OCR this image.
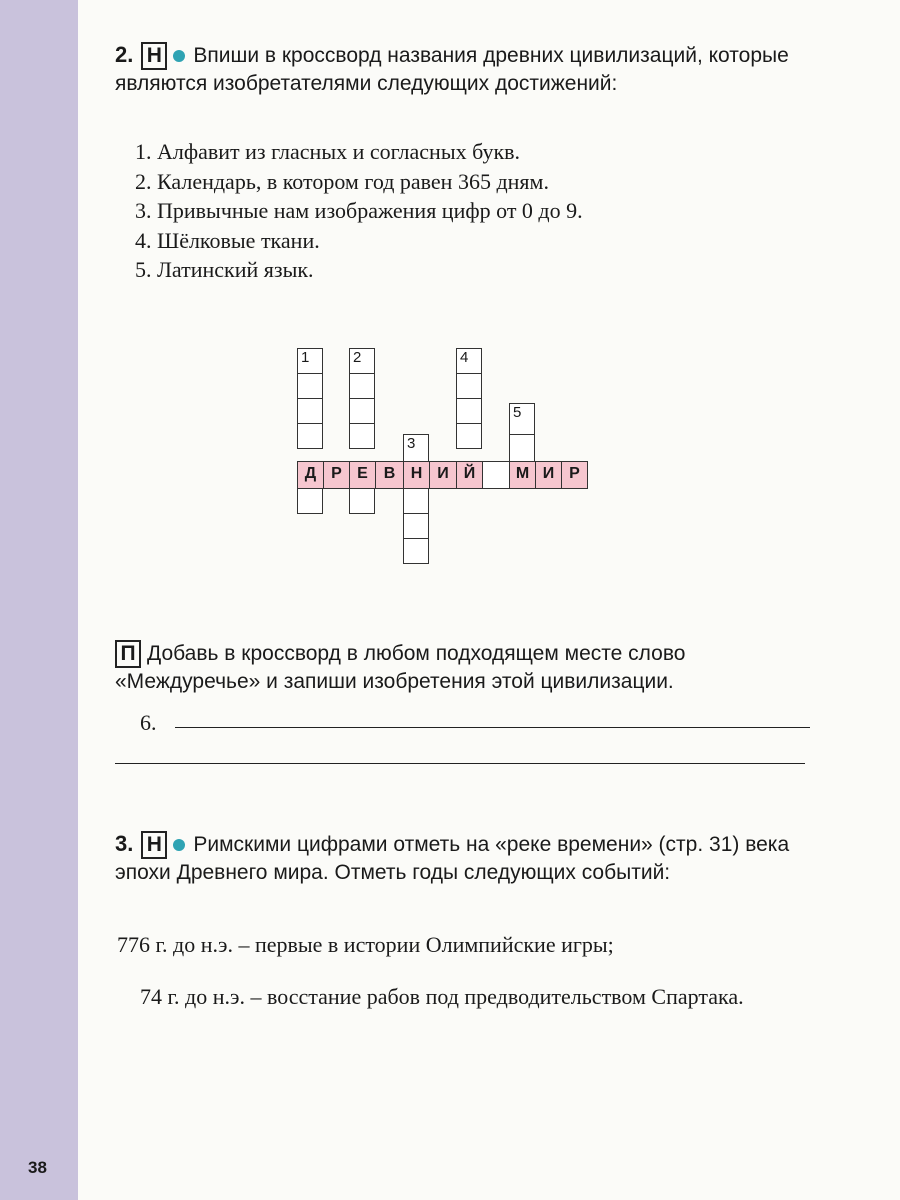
2. Н Впиши в кроссворд названия древних цивилизаций, которые являются изобретателями следующих достижений:
1. Алфавит из гласных и согласных букв.
2. Календарь, в котором год равен 365 дням.
3. Привычные нам изображения цифр от 0 до 9.
4. Шёлковые ткани.
5. Латинский язык.
1	2
3
4
5
Д Р Е В Н И Й	М И Р
П Добавь в кроссворд в любом подходящем месте слово «Междуречье» и запиши изобретения этой цивилизации.
6.
3. Н Римскими цифрами отметь на «реке времени» (стр. 31) века эпохи Древнего мира. Отметь годы следующих событий:
776 г. до н.э. – первые в истории Олимпийские игры;
74 г. до н.э. – восстание рабов под предводительством Спартака.
38
